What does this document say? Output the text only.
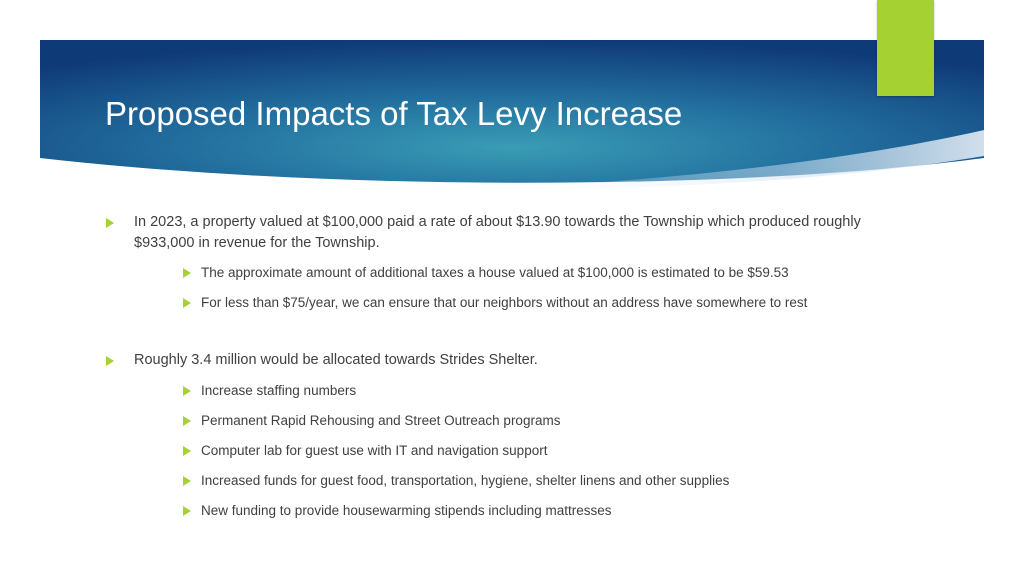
Proposed Impacts of Tax Levy Increase
In 2023, a property valued at $100,000 paid a rate of about $13.90 towards the Township which produced roughly $933,000 in revenue for the Township.
The approximate amount of additional taxes a house valued at $100,000 is estimated to be $59.53
For less than $75/year, we can ensure that our neighbors without an address have somewhere to rest
Roughly 3.4 million would be allocated towards Strides Shelter.
Increase staffing numbers
Permanent Rapid Rehousing and Street Outreach programs
Computer lab for guest use with IT and navigation support
Increased funds for guest food, transportation, hygiene, shelter linens and other supplies
New funding to provide housewarming stipends including mattresses
